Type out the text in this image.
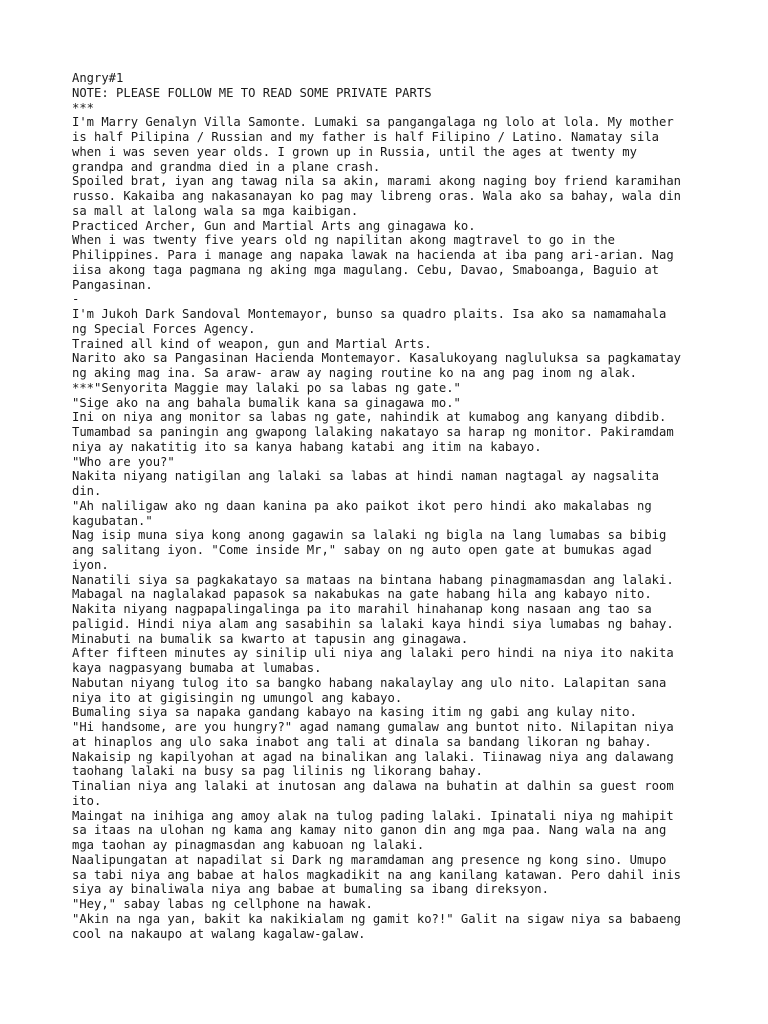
Angry#1
NOTE: PLEASE FOLLOW ME TO READ SOME PRIVATE PARTS
***
I'm Marry Genalyn Villa Samonte. Lumaki sa pangangalaga ng lolo at lola. My mother
is half Pilipina / Russian and my father is half Filipino / Latino. Namatay sila
when i was seven year olds. I grown up in Russia, until the ages at twenty my
grandpa and grandma died in a plane crash.
Spoiled brat, iyan ang tawag nila sa akin, marami akong naging boy friend karamihan
russo. Kakaiba ang nakasanayan ko pag may libreng oras. Wala ako sa bahay, wala din
sa mall at lalong wala sa mga kaibigan.
Practiced Archer, Gun and Martial Arts ang ginagawa ko.
When i was twenty five years old ng napilitan akong magtravel to go in the
Philippines. Para i manage ang napaka lawak na hacienda at iba pang ari-arian. Nag
iisa akong taga pagmana ng aking mga magulang. Cebu, Davao, Smaboanga, Baguio at
Pangasinan.
-
I'm Jukoh Dark Sandoval Montemayor, bunso sa quadro plaits. Isa ako sa namamahala
ng Special Forces Agency.
Trained all kind of weapon, gun and Martial Arts.
Narito ako sa Pangasinan Hacienda Montemayor. Kasalukoyang nagluluksa sa pagkamatay
ng aking mag ina. Sa araw- araw ay naging routine ko na ang pag inom ng alak.
***"Senyorita Maggie may lalaki po sa labas ng gate."
"Sige ako na ang bahala bumalik kana sa ginagawa mo."
Ini on niya ang monitor sa labas ng gate, nahindik at kumabog ang kanyang dibdib.
Tumambad sa paningin ang gwapong lalaking nakatayo sa harap ng monitor. Pakiramdam
niya ay nakatitig ito sa kanya habang katabi ang itim na kabayo.
"Who are you?"
Nakita niyang natigilan ang lalaki sa labas at hindi naman nagtagal ay nagsalita
din.
"Ah naliligaw ako ng daan kanina pa ako paikot ikot pero hindi ako makalabas ng
kagubatan."
Nag isip muna siya kong anong gagawin sa lalaki ng bigla na lang lumabas sa bibig
ang salitang iyon. "Come inside Mr," sabay on ng auto open gate at bumukas agad
iyon.
Nanatili siya sa pagkakatayo sa mataas na bintana habang pinagmamasdan ang lalaki.
Mabagal na naglalakad papasok sa nakabukas na gate habang hila ang kabayo nito.
Nakita niyang nagpapalingalinga pa ito marahil hinahanap kong nasaan ang tao sa
paligid. Hindi niya alam ang sasabihin sa lalaki kaya hindi siya lumabas ng bahay.
Minabuti na bumalik sa kwarto at tapusin ang ginagawa.
After fifteen minutes ay sinilip uli niya ang lalaki pero hindi na niya ito nakita
kaya nagpasyang bumaba at lumabas.
Nabutan niyang tulog ito sa bangko habang nakalaylay ang ulo nito. Lalapitan sana
niya ito at gigisingin ng umungol ang kabayo.
Bumaling siya sa napaka gandang kabayo na kasing itim ng gabi ang kulay nito.
"Hi handsome, are you hungry?" agad namang gumalaw ang buntot nito. Nilapitan niya
at hinaplos ang ulo saka inabot ang tali at dinala sa bandang likoran ng bahay.
Nakaisip ng kapilyohan at agad na binalikan ang lalaki. Tiinawag niya ang dalawang
taohang lalaki na busy sa pag lilinis ng likorang bahay.
Tinalian niya ang lalaki at inutosan ang dalawa na buhatin at dalhin sa guest room
ito.
Maingat na inihiga ang amoy alak na tulog pading lalaki. Ipinatali niya ng mahipit
sa itaas na ulohan ng kama ang kamay nito ganon din ang mga paa. Nang wala na ang
mga taohan ay pinagmasdan ang kabuoan ng lalaki.
Naalipungatan at napadilat si Dark ng maramdaman ang presence ng kong sino. Umupo
sa tabi niya ang babae at halos magkadikit na ang kanilang katawan. Pero dahil inis
siya ay binaliwala niya ang babae at bumaling sa ibang direksyon.
"Hey," sabay labas ng cellphone na hawak.
"Akin na nga yan, bakit ka nakikialam ng gamit ko?!" Galit na sigaw niya sa babaeng
cool na nakaupo at walang kagalaw-galaw.
